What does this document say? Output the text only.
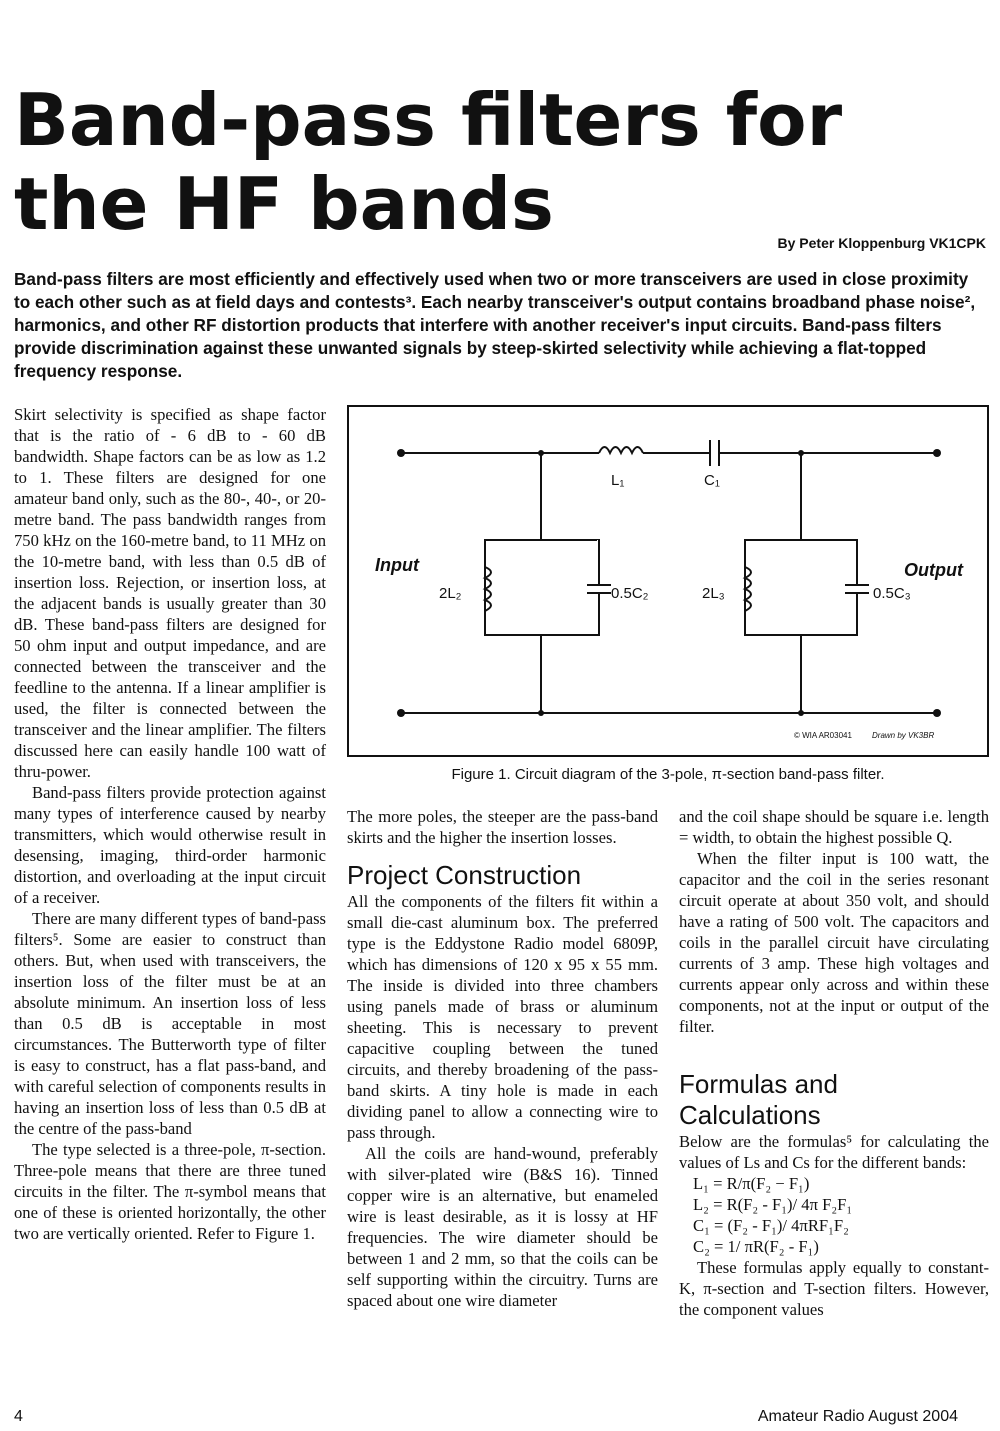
Band-pass filters for
the HF bands	By Peter Kloppenburg VK1CPK

Band-pass filters are most efficiently and effectively used when two or more transceivers are used in close proximity to each other such as at field days and contests³. Each nearby transceiver's output contains broadband phase noise², harmonics, and other RF distortion products that interfere with another receiver's input circuits. Band-pass filters provide discrimination against these unwanted signals by steep-skirted selectivity while achieving a flat-topped frequency response.

Skirt selectivity is specified as shape factor that is the ratio of - 6 dB to - 60 dB bandwidth. Shape factors can be as low as 1.2 to 1. These filters are designed for one amateur band only, such as the 80-, 40-, or 20-metre band. The pass bandwidth ranges from 750 kHz on the 160-metre band, to 11 MHz on the 10-metre band, with less than 0.5 dB of insertion loss. Rejection, or insertion loss, at the adjacent bands is usually greater than 30 dB. These band-pass filters are designed for 50 ohm input and output impedance, and are connected between the transceiver and the feedline to the antenna. If a linear amplifier is used, the filter is connected between the transceiver and the linear amplifier. The filters discussed here can easily handle 100 watt of thru-power.

Band-pass filters provide protection against many types of interference caused by nearby transmitters, which would otherwise result in desensing, imaging, third-order harmonic distortion, and overloading at the input circuit of a receiver.

There are many different types of band-pass filters⁵. Some are easier to construct than others. But, when used with transceivers, the insertion loss of the filter must be at an absolute minimum. An insertion loss of less than 0.5 dB is acceptable in most circumstances. The Butterworth type of filter is easy to construct, has a flat pass-band, and with careful selection of components results in having an insertion loss of less than 0.5 dB at the centre of the pass-band

The type selected is a three-pole, π-section. Three-pole means that there are three tuned circuits in the filter. The π-symbol means that one of these is oriented horizontally, the other two are vertically oriented. Refer to Figure 1.

Input	Output
L₁	C₁
2L₂	0.5C₂	2L₃	0.5C₃
© WIA AR03041	Drawn by VK3BR

Figure 1. Circuit diagram of the 3-pole, π-section band-pass filter.

The more poles, the steeper are the pass-band skirts and the higher the insertion losses.

Project Construction

All the components of the filters fit within a small die-cast aluminum box. The preferred type is the Eddystone Radio model 6809P, which has dimensions of 120 x 95 x 55 mm. The inside is divided into three chambers using panels made of brass or aluminum sheeting. This is necessary to prevent capacitive coupling between the tuned circuits, and thereby broadening of the pass-band skirts. A tiny hole is made in each dividing panel to allow a connecting wire to pass through.

All the coils are hand-wound, preferably with silver-plated wire (B&S 16). Tinned copper wire is an alternative, but enameled wire is least desirable, as it is lossy at HF frequencies. The wire diameter should be between 1 and 2 mm, so that the coils can be self supporting within the circuitry. Turns are spaced about one wire diameter

and the coil shape should be square i.e. length = width, to obtain the highest possible Q.

When the filter input is 100 watt, the capacitor and the coil in the series resonant circuit operate at about 350 volt, and should have a rating of 500 volt. The capacitors and coils in the parallel circuit have circulating currents of 3 amp. These high voltages and currents appear only across and within these components, not at the input or output of the filter.

Formulas and
Calculations

Below are the formulas⁵ for calculating the values of Ls and Cs for the different bands:

L₁ = R/π(F₂ − F₁)
L₂ = R(F₂ - F₁)/ 4π F₂F₁
C₁ = (F₂ - F₁)/ 4πRF₁F₂
C₂ = 1/ πR(F₂ - F₁)

These formulas apply equally to constant-K, π-section and T-section filters. However, the component values

4	Amateur Radio August 2004
